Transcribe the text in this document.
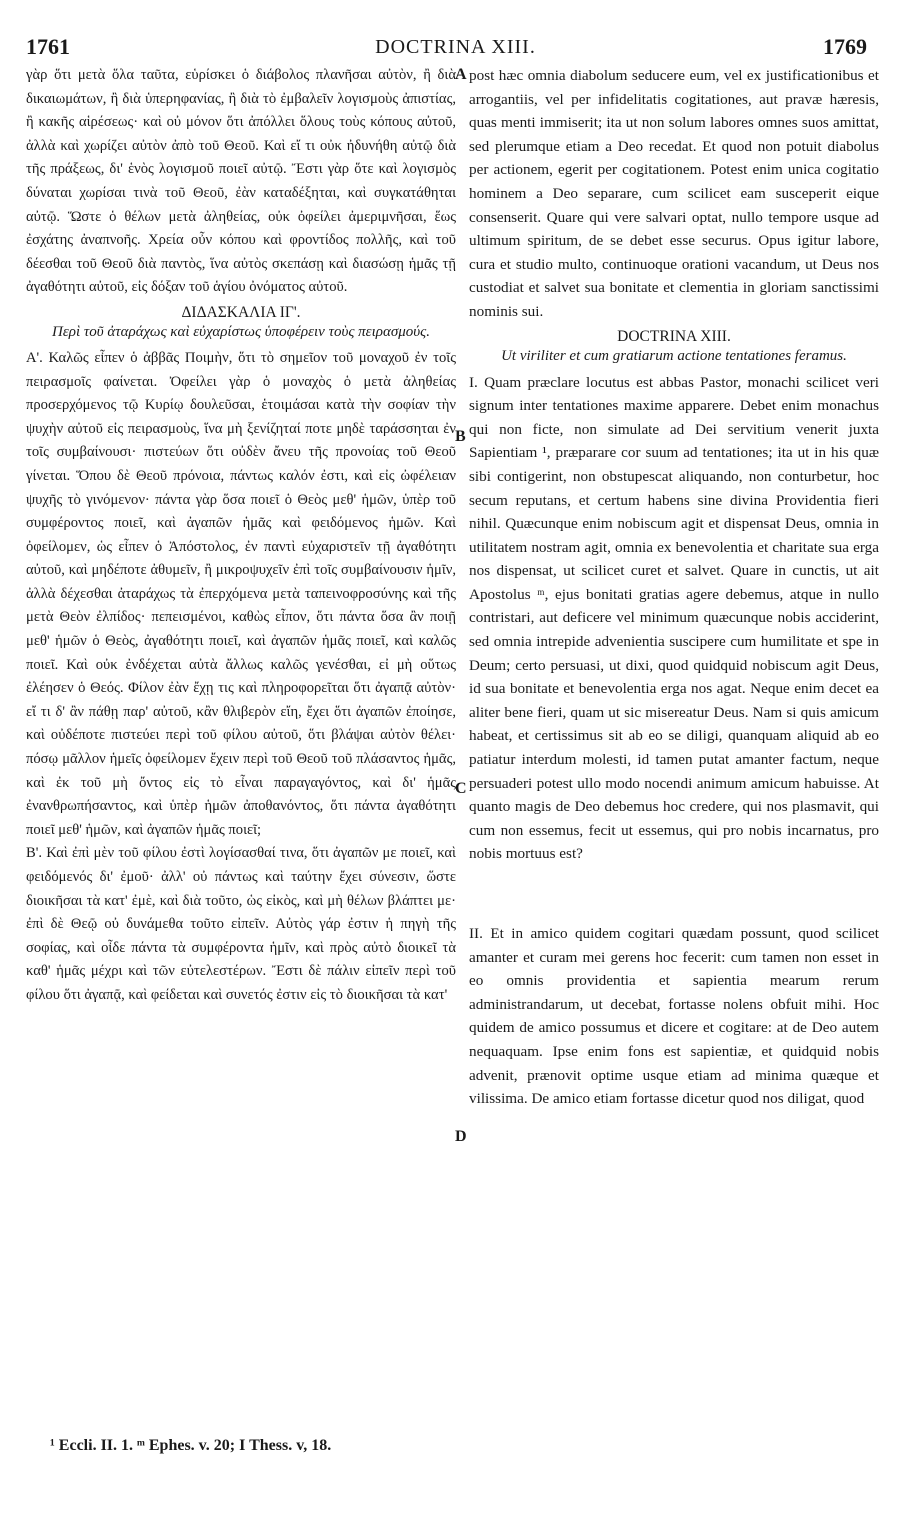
1761	DOCTRINA XIII.	1769

γὰρ ὅτι μετὰ ὅλα ταῦτα, εὑρίσκει ὁ διάβολος πλανῆσαι αὐτὸν, ἢ διὰ δικαιωμάτων, ἢ διὰ ὑπερηφανίας, ἢ διὰ τὸ ἐμβαλεῖν λογισμοὺς ἀπιστίας, ἢ κακῆς αἱρέσεως· καὶ οὐ μόνον ὅτι ἀπόλλει ὅλους τοὺς κόπους αὐτοῦ, ἀλλὰ καὶ χωρίζει αὐτὸν ἀπὸ τοῦ Θεοῦ. Καὶ εἴ τι οὐκ ἠδυνήθη αὐτῷ διὰ τῆς πράξεως, δι' ἑνὸς λογισμοῦ ποιεῖ αὐτῷ. Ἔστι γὰρ ὅτε καὶ λογισμὸς δύναται χωρίσαι τινὰ τοῦ Θεοῦ, ἐὰν καταδέξηται, καὶ συγκατάθηται αὐτῷ. Ὥστε ὁ θέλων μετὰ ἀληθείας, οὐκ ὀφείλει ἀμεριμνῆσαι, ἕως ἐσχάτης ἀναπνοῆς. Χρεία οὖν κόπου καὶ φροντίδος πολλῆς, καὶ τοῦ δέεσθαι τοῦ Θεοῦ διὰ παντὸς, ἵνα αὐτὸς σκεπάσῃ καὶ διασώσῃ ἡμᾶς τῇ ἀγαθότητι αὐτοῦ, εἰς δόξαν τοῦ ἁγίου ὀνόματος αὐτοῦ.

ΔΙΔΑΣΚΑΛΙΑ ΙΓ'.
Περὶ τοῦ ἀταράχως καὶ εὐχαρίστως ὑποφέρειν τοὺς πειρασμούς.

Α'. Καλῶς εἶπεν ὁ ἀββᾶς Ποιμὴν, ὅτι τὸ σημεῖον τοῦ μοναχοῦ ἐν τοῖς πειρασμοῖς φαίνεται. Ὀφείλει γὰρ ὁ μοναχὸς ὁ μετὰ ἀληθείας προσερχόμενος τῷ Κυρίῳ δουλεῦσαι, ἑτοιμάσαι κατὰ τὴν σοφίαν τὴν ψυχὴν αὐτοῦ εἰς πειρασμοὺς, ἵνα μὴ ξενίζηταί ποτε μηδὲ ταράσσηται ἐν τοῖς συμβαίνουσι· πιστεύων ὅτι οὐδὲν ἄνευ τῆς προνοίας τοῦ Θεοῦ γίνεται. Ὅπου δὲ Θεοῦ πρόνοια, πάντως καλόν ἐστι, καὶ εἰς ὠφέλειαν ψυχῆς τὸ γινόμενον· πάντα γὰρ ὅσα ποιεῖ ὁ Θεὸς μεθ' ἡμῶν, ὑπὲρ τοῦ συμφέροντος ποιεῖ, καὶ ἀγαπῶν ἡμᾶς καὶ φειδόμενος ἡμῶν. Καὶ ὀφείλομεν, ὡς εἶπεν ὁ Ἀπόστολος, ἐν παντὶ εὐχαριστεῖν τῇ ἀγαθότητι αὐτοῦ, καὶ μηδέποτε ἀθυμεῖν, ἢ μικροψυχεῖν ἐπὶ τοῖς συμβαίνουσιν ἡμῖν, ἀλλὰ δέχεσθαι ἀταράχως τὰ ἐπερχόμενα μετὰ ταπεινοφροσύνης καὶ τῆς μετὰ Θεὸν ἐλπίδος· πεπεισμένοι, καθὼς εἶπον, ὅτι πάντα ὅσα ἂν ποιῇ μεθ' ἡμῶν ὁ Θεὸς, ἀγαθότητι ποιεῖ, καὶ ἀγαπῶν ἡμᾶς ποιεῖ, καὶ καλῶς ποιεῖ. Καὶ οὐκ ἐνδέχεται αὐτὰ ἄλλως καλῶς γενέσθαι, εἰ μὴ οὕτως ἐλέησεν ὁ Θεός. Φίλον ἐὰν ἔχῃ τις καὶ πληροφορεῖται ὅτι ἀγαπᾷ αὐτὸν· εἴ τι δ' ἂν πάθῃ παρ' αὐτοῦ, κἂν θλιβερὸν εἴη, ἔχει ὅτι ἀγαπῶν ἐποίησε, καὶ οὐδέποτε πιστεύει περὶ τοῦ φίλου αὐτοῦ, ὅτι βλάψαι αὐτὸν θέλει· πόσῳ μᾶλλον ἡμεῖς ὀφείλομεν ἔχειν περὶ τοῦ Θεοῦ τοῦ πλάσαντος ἡμᾶς, καὶ ἐκ τοῦ μὴ ὄντος εἰς τὸ εἶναι παραγαγόντος, καὶ δι' ἡμᾶς ἐνανθρωπήσαντος, καὶ ὑπὲρ ἡμῶν ἀποθανόντος, ὅτι πάντα ἀγαθότητι ποιεῖ μεθ' ἡμῶν, καὶ ἀγαπῶν ἡμᾶς ποιεῖ;

Β'. Καὶ ἐπὶ μὲν τοῦ φίλου ἐστὶ λογίσασθαί τινα, ὅτι ἀγαπῶν με ποιεῖ, καὶ φειδόμενός δι' ἐμοῦ· ἀλλ' οὐ πάντως καὶ ταύτην ἔχει σύνεσιν, ὥστε διοικῆσαι τὰ κατ' ἐμὲ, καὶ διὰ τοῦτο, ὡς εἰκὸς, καὶ μὴ θέλων βλάπτει με· ἐπὶ δὲ Θεῷ οὐ δυνάμεθα τοῦτο εἰπεῖν. Αὐτὸς γάρ ἐστιν ἡ πηγὴ τῆς σοφίας, καὶ οἶδε πάντα τὰ συμφέροντα ἡμῖν, καὶ πρὸς αὐτὸ διοικεῖ τὰ καθ' ἡμᾶς μέχρι καὶ τῶν εὐτελεστέρων. Ἔστι δὲ πάλιν εἰπεῖν περὶ τοῦ φίλου ὅτι ἀγαπᾷ, καὶ φείδεται καὶ συνετός ἐστιν εἰς τὸ διοικῆσαι τὰ κατ'

post hæc omnia diabolum seducere eum, vel ex justificationibus et arrogantiis, vel per infidelitatis cogitationes, aut pravæ hæresis, quas menti immiserit; ita ut non solum labores omnes suos amittat, sed plerumque etiam a Deo recedat. Et quod non potuit diabolus per actionem, egerit per cogitationem. Potest enim unica cogitatio hominem a Deo separare, cum scilicet eam susceperit eique consenserit. Quare qui vere salvari optat, nullo tempore usque ad ultimum spiritum, de se debet esse securus. Opus igitur labore, cura et studio multo, continuoque orationi vacandum, ut Deus nos custodiat et salvet sua bonitate et clementia in gloriam sanctissimi nominis sui.

DOCTRINA XIII.
Ut viriliter et cum gratiarum actione tentationes feramus.

I. Quam præclare locutus est abbas Pastor, monachi scilicet veri signum inter tentationes maxime apparere. Debet enim monachus qui non ficte, non simulate ad Dei servitium venerit juxta Sapientiam ¹, præparare cor suum ad tentationes; ita ut in his quæ sibi contigerint, non obstupescat aliquando, non conturbetur, hoc secum reputans, et certum habens sine divina Providentia fieri nihil. Quæcunque enim nobiscum agit et dispensat Deus, omnia in utilitatem nostram agit, omnia ex benevolentia et charitate sua erga nos dispensat, ut scilicet curet et salvet. Quare in cunctis, ut ait Apostolus ᵐ, ejus bonitati gratias agere debemus, atque in nullo contristari, aut deficere vel minimum quæcunque nobis acciderint, sed omnia intrepide advenientia suscipere cum humilitate et spe in Deum; certo persuasi, ut dixi, quod quidquid nobiscum agit Deus, id sua bonitate et benevolentia erga nos agat. Neque enim decet ea aliter bene fieri, quam ut sic misereatur Deus. Nam si quis amicum habeat, et certissimus sit ab eo se diligi, quanquam aliquid ab eo patiatur interdum molesti, id tamen putat amanter factum, neque persuaderi potest ullo modo nocendi animum amicum habuisse. At quanto magis de Deo debemus hoc credere, qui nos plasmavit, qui cum non essemus, fecit ut essemus, qui pro nobis incarnatus, pro nobis mortuus est?

II. Et in amico quidem cogitari quædam possunt, quod scilicet amanter et curam mei gerens hoc fecerit: cum tamen non esset in eo omnis providentia et sapientia mearum rerum administrandarum, ut decebat, fortasse nolens obfuit mihi. Hoc quidem de amico possumus et dicere et cogitare: at de Deo autem nequaquam. Ipse enim fons est sapientiæ, et quidquid nobis advenit, prænovit optime usque etiam ad minima quæque et vilissima. De amico etiam fortasse dicetur quod nos diligat, quod

A
B
C
D
¹ Eccli. II. 1. ᵐ Ephes. v. 20; I Thess. v, 18.
